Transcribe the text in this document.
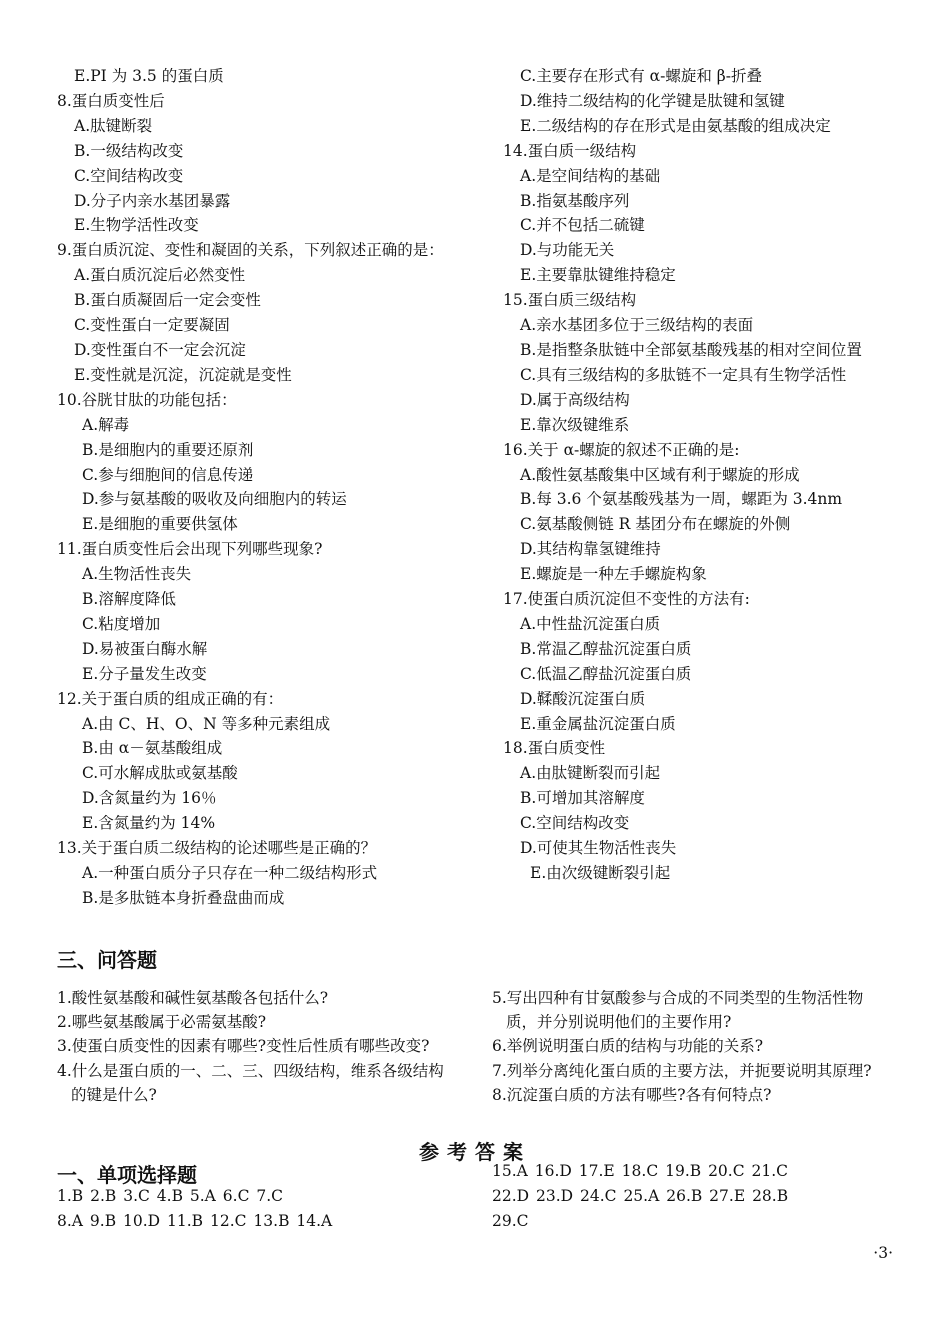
E.PI 为 3.5 的蛋白质
8.蛋白质变性后
A.肽键断裂
B.一级结构改变
C.空间结构改变
D.分子内亲水基团暴露
E.生物学活性改变
9.蛋白质沉淀、变性和凝固的关系，下列叙述正确的是：
A.蛋白质沉淀后必然变性
B.蛋白质凝固后一定会变性
C.变性蛋白一定要凝固
D.变性蛋白不一定会沉淀
E.变性就是沉淀，沉淀就是变性
10.谷胱甘肽的功能包括：
A.解毒
B.是细胞内的重要还原剂
C.参与细胞间的信息传递
D.参与氨基酸的吸收及向细胞内的转运
E.是细胞的重要供氢体
11.蛋白质变性后会出现下列哪些现象?
A.生物活性丧失
B.溶解度降低
C.粘度增加
D.易被蛋白酶水解
E.分子量发生改变
12.关于蛋白质的组成正确的有：
A.由 C、H、O、N 等多种元素组成
B.由 α－氨基酸组成
C.可水解成肽或氨基酸
D.含氮量约为 16％
E.含氮量约为 14%
13.关于蛋白质二级结构的论述哪些是正确的？
A.一种蛋白质分子只存在一种二级结构形式
B.是多肽链本身折叠盘曲而成
C.主要存在形式有 α-螺旋和 β-折叠
D.维持二级结构的化学键是肽键和氢键
E.二级结构的存在形式是由氨基酸的组成决定
14.蛋白质一级结构
A.是空间结构的基础
B.指氨基酸序列
C.并不包括二硫键
D.与功能无关
E.主要靠肽键维持稳定
15.蛋白质三级结构
A.亲水基团多位于三级结构的表面
B.是指整条肽链中全部氨基酸残基的相对空间位置
C.具有三级结构的多肽链不一定具有生物学活性
D.属于高级结构
E.靠次级键维系
16.关于 α-螺旋的叙述不正确的是:
A.酸性氨基酸集中区域有利于螺旋的形成
B.每 3.6 个氨基酸残基为一周，螺距为 3.4nm
C.氨基酸侧链 R 基团分布在螺旋的外侧
D.其结构靠氢键维持
E.螺旋是一种左手螺旋构象
17.使蛋白质沉淀但不变性的方法有:
A.中性盐沉淀蛋白质
B.常温乙醇盐沉淀蛋白质
C.低温乙醇盐沉淀蛋白质
D.鞣酸沉淀蛋白质
E.重金属盐沉淀蛋白质
18.蛋白质变性
A.由肽键断裂而引起
B.可增加其溶解度
C.空间结构改变
D.可使其生物活性丧失
E.由次级键断裂引起
三、问答题
1.酸性氨基酸和碱性氨基酸各包括什么?
2.哪些氨基酸属于必需氨基酸?
3.使蛋白质变性的因素有哪些?变性后性质有哪些改变?
4.什么是蛋白质的一、二、三、四级结构，维系各级结构
的键是什么?
5.写出四种有甘氨酸参与合成的不同类型的生物活性物
质，并分别说明他们的主要作用?
6.举例说明蛋白质的结构与功能的关系?
7.列举分离纯化蛋白质的主要方法，并扼要说明其原理?
8.沉淀蛋白质的方法有哪些?各有何特点?
参考答案
一、单项选择题
1.B 2.B 3.C 4.B 5.A 6.C 7.C
8.A 9.B 10.D 11.B 12.C 13.B 14.A
15.A 16.D 17.E 18.C 19.B 20.C 21.C
22.D 23.D 24.C 25.A 26.B 27.E 28.B
29.C
·3·
